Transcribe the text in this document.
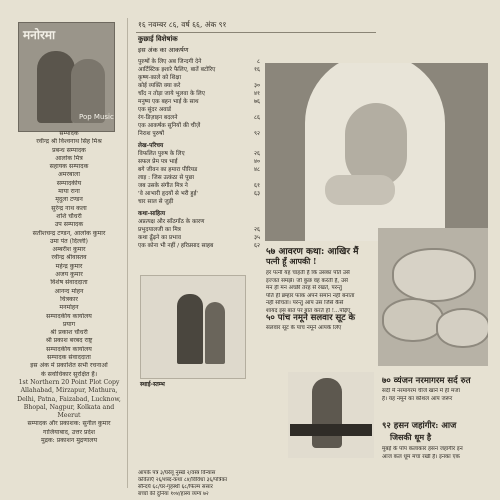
मनोरमा
Pop Music
सम्पादक
रवीन्द्र श्री विश्वनाथ सिंह मिश्र
प्रबन्ध सम्पादक
आलोक मित्र
सहायक सम्पादक
अमरबाला
सम्पादकीय
माया राना
मृदुला टण्डन
सुरेन्द्र नाथ कला
शशि चौधरी
उप सम्पादक
सतीशचन्द्र टण्डन, आलोक कुमार
उमा पंत (दिल्ली)
अम्बरीश कुमार
रवीन्द्र श्रीवास्तव
महेन्द्र कुमार
अजय कुमार
विशेष संवाददाता
आनन्द मोहन
चित्रकार
मनमोहन
सम्पादकीय कार्यालय
प्रयाग
श्री प्रकाश चौधरी
श्री प्रकाश बरबद राष्ट्र
सम्पादकीय कार्यालय
सम्पादक संवाददाता
इस अंक में प्रकाशित सभी रचनाओं
के सर्वाधिकार सुरक्षित हैं।
1st Northern 20 Point Plot Copy
Allahabad, Mirzapur, Mathura,
Delhi, Patna, Faizabad, Lucknow,
Bhopal, Nagpur, Kolkata and
Meerut
सम्पादक और प्रकाशक: सुनील कुमार
गाजियाबाद, उत्तर प्रदेश
मुद्रक: प्रकाशन मुद्रणालय
१६ नवम्बर ८६, वर्ष ६६, अंक ९१
कुछाई विशेषांक
इस अंक का आकर्षण
पुरुषों के लिए अब जिन्दगी देने	८
आर्टिस्टिक इशारे फैलिए, बातें बटोरिए	१६
कृष्ण-काले को शिक्षा
कोई व्यक्ति क्या करे	३०
चाँद न तोड़ा जाये भूलवा के लिए	४१
मनुष्य एक बहन भाई के साथ	७६
एक सुंदर अवार्ड
रंग-डिज़ाइन बदलने	८६
एक आकर्षक सुनियों की चीज़ें
निराश पुरुषों	९२
लेख-परिचय
विफलित पुरुष के लिए	२६
सफल प्रेम पत्र भाई	४०
बगे जीवन का हमारा पीरियड	४८
लाइ : जिस उत्कंठा से पूछा
जब उसके संगीत मित्र ने	६१
'वे आभारी हृदयों से भरी हुई'	६३
चार साल से जुड़ी
कथा-साहित्य
अप्रत्यक्ष और साँठगाँठ के कारण
प्रभुदयालजी का मित्र	२६
कथा ढूँढ़ने का प्रभाव	३५
एक कोना भी नहीं / हरिप्रसाद साहब	६२
५७ आवरण कथा: आखिर मैं
पत्नी हूँ आपकी !
हर पत्नी यह चाहती है कि उसका पति उसे
इज्जत समझे। जो कुछ वह करती है, उसे
मन ही मन अच्छी तरह से रखते, परन्तु
पति ही ब्रम्हार फाक अपने समान नही बनाता
नहीं सोचता। परन्तु आप उस जिसे कैसे
शायद इस बात पर बात करते हो !...पढ़िए
५० पांच नमूने सलवार सूट के
सलवार सूट के पांच नमूने आपके लिए
स्थाई-स्तम्भ	७० व्यंजन नरमागरम सर्द रुत
सर्दी में नरमागरम चीजें खाने में ही मजा
है। यह नमूने का कौशल आप जरूर
९२ हसन जहांगीर: आज
जिसकी धूम है
मुंबई के पॉप कलाकार हसन जहांगीर इन
आज कल धूम मचा रखी है। इनका एक
आपके पत्र ३/घरेलू नुस्खे २/वस्त्र विन्यास
कविताएँ २६/शब्द-कथा ८४/विविधा ३६/पत्रिका
सौन्दर्य ६८/घर-गृहस्थी ६८/फिल्म संसार
बच्चों की दुनिया १०४/हास्य व्यंग्य ७२
